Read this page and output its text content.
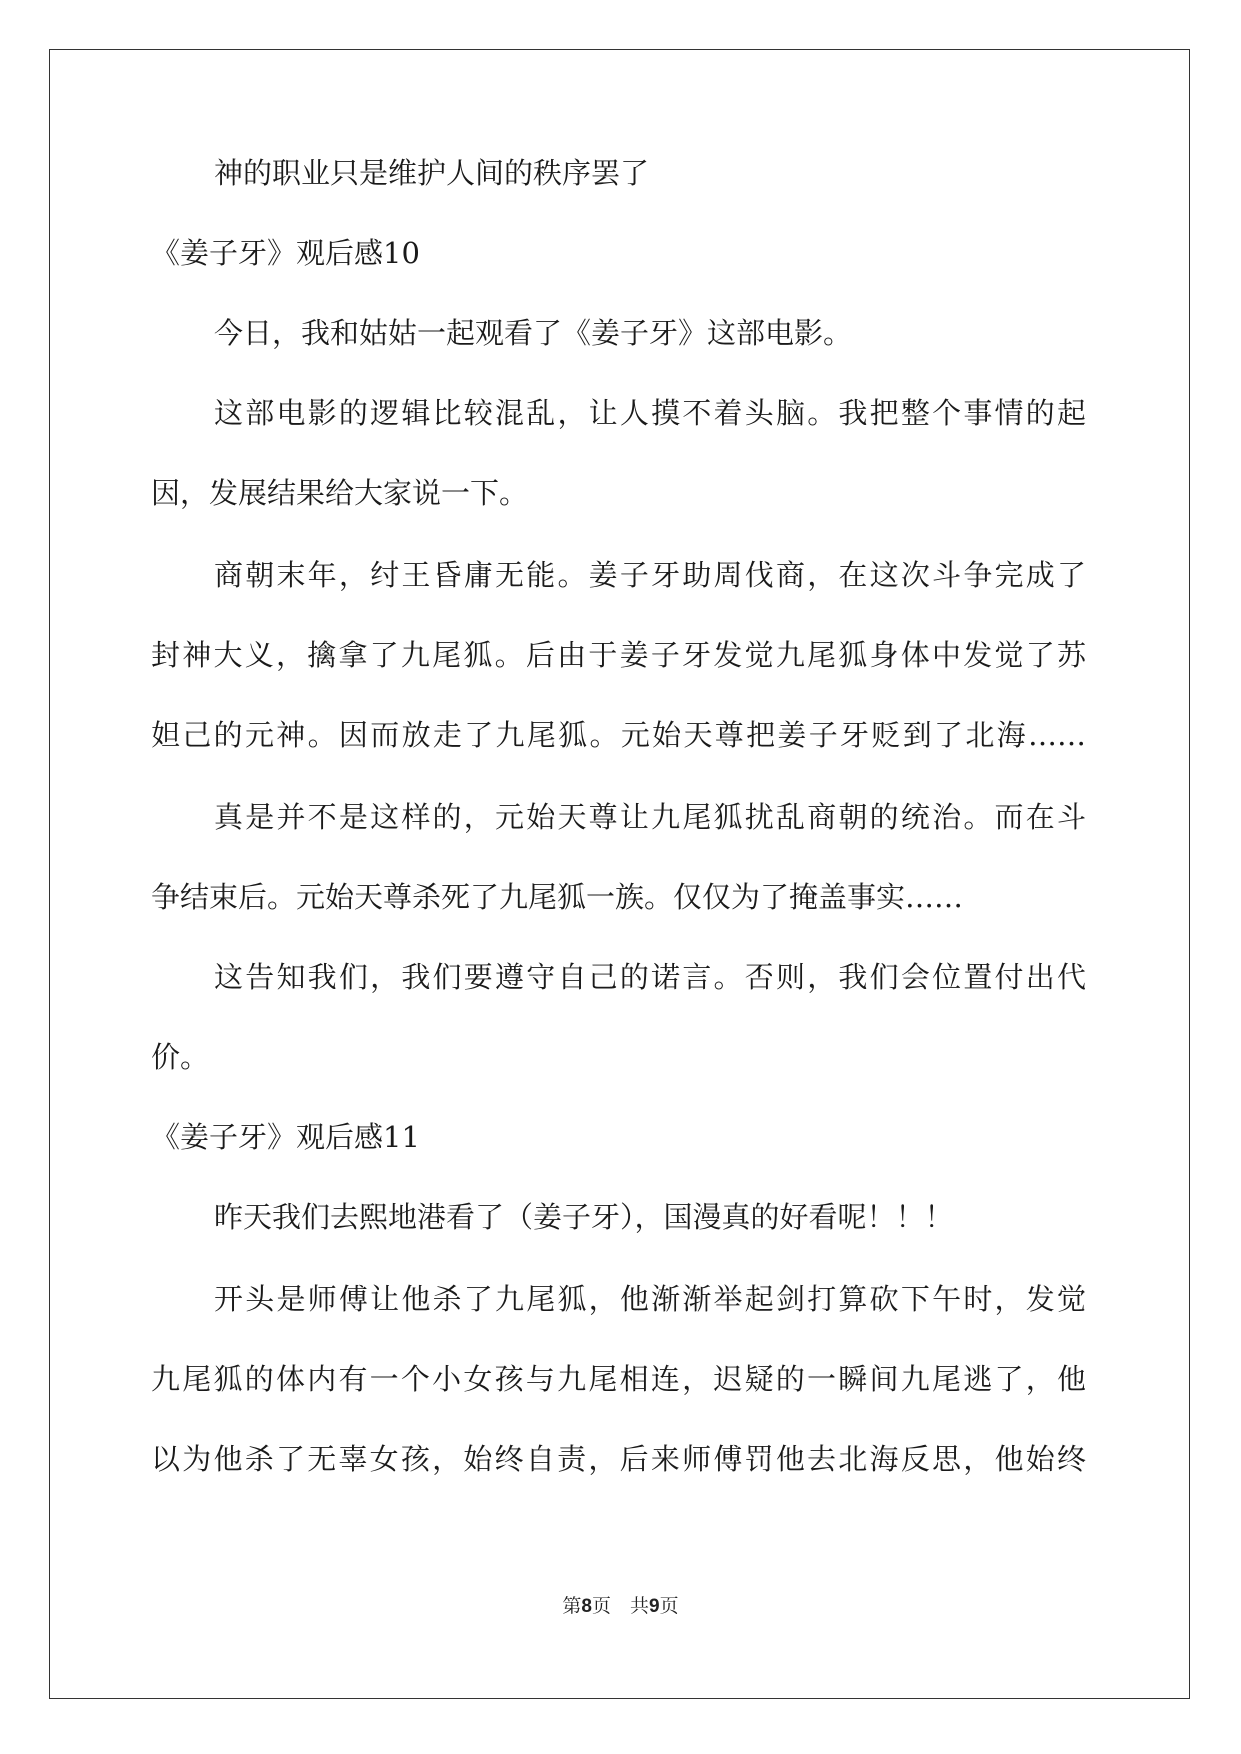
神的职业只是维护人间的秩序罢了

《姜子牙》观后感10

今日，我和姑姑一起观看了《姜子牙》这部电影。

这部电影的逻辑比较混乱，让人摸不着头脑。我把整个事情的起

因，发展结果给大家说一下。

商朝末年，纣王昏庸无能。姜子牙助周伐商，在这次斗争完成了

封神大义，擒拿了九尾狐。后由于姜子牙发觉九尾狐身体中发觉了苏

妲己的元神。因而放走了九尾狐。元始天尊把姜子牙贬到了北海……

真是并不是这样的，元始天尊让九尾狐扰乱商朝的统治。而在斗

争结束后。元始天尊杀死了九尾狐一族。仅仅为了掩盖事实……

这告知我们，我们要遵守自己的诺言。否则，我们会位置付出代

价。

《姜子牙》观后感11

昨天我们去熙地港看了（姜子牙），国漫真的好看呢！！！

开头是师傅让他杀了九尾狐，他渐渐举起剑打算砍下午时，发觉

九尾狐的体内有一个小女孩与九尾相连，迟疑的一瞬间九尾逃了，他

以为他杀了无辜女孩，始终自责，后来师傅罚他去北海反思，他始终

第8页　共9页
